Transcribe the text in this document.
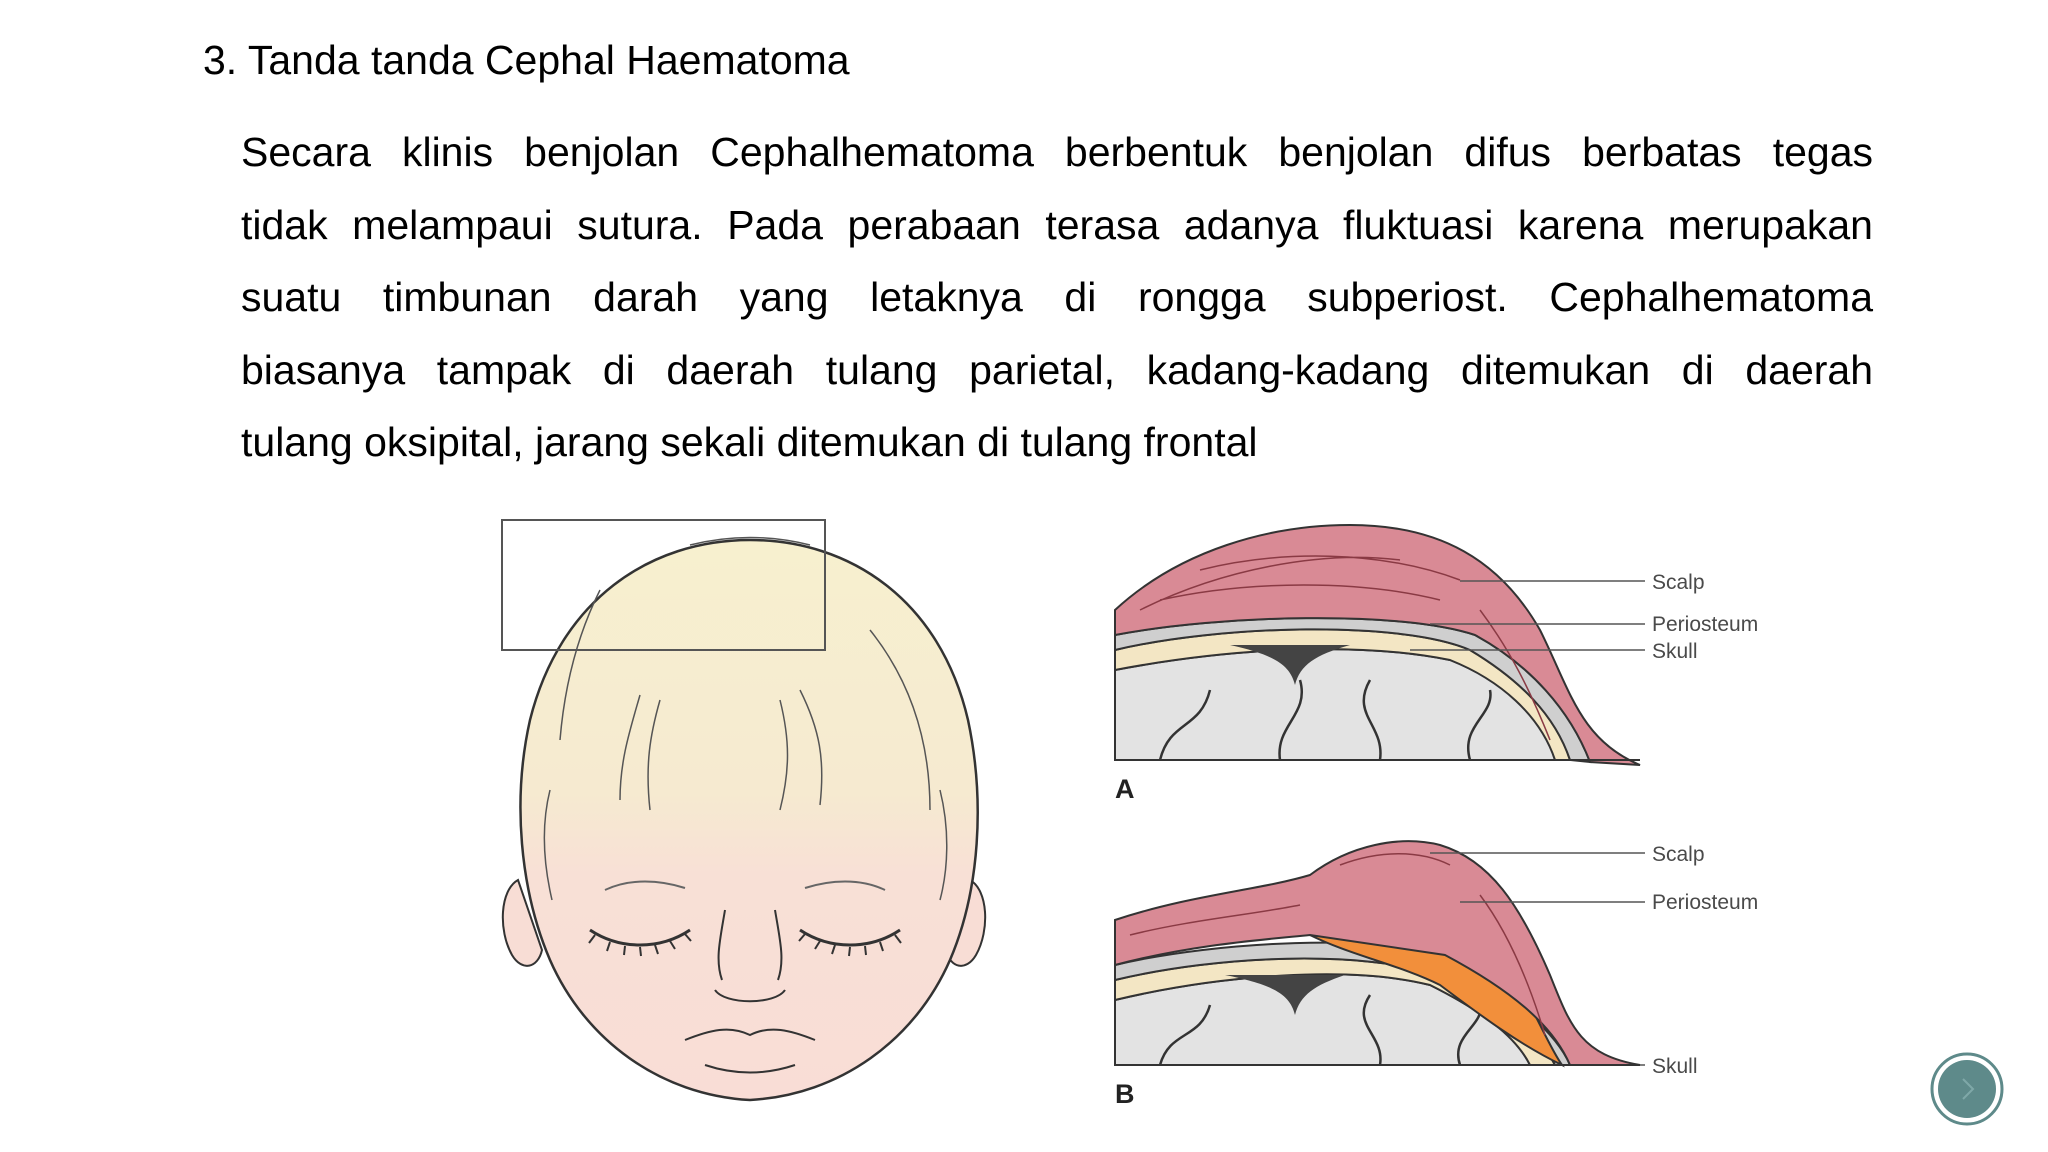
3. Tanda tanda Cephal Haematoma
Secara klinis benjolan Cephalhematoma berbentuk benjolan difus berbatas tegas
tidak melampaui sutura. Pada perabaan terasa adanya fluktuasi karena merupakan
suatu timbunan darah yang letaknya di rongga subperiost. Cephalhematoma
biasanya tampak di daerah tulang parietal, kadang-kadang ditemukan di daerah
tulang oksipital, jarang sekali ditemukan di tulang frontal
Scalp
Periosteum
Skull
A
Scalp
Periosteum
Skull
B
